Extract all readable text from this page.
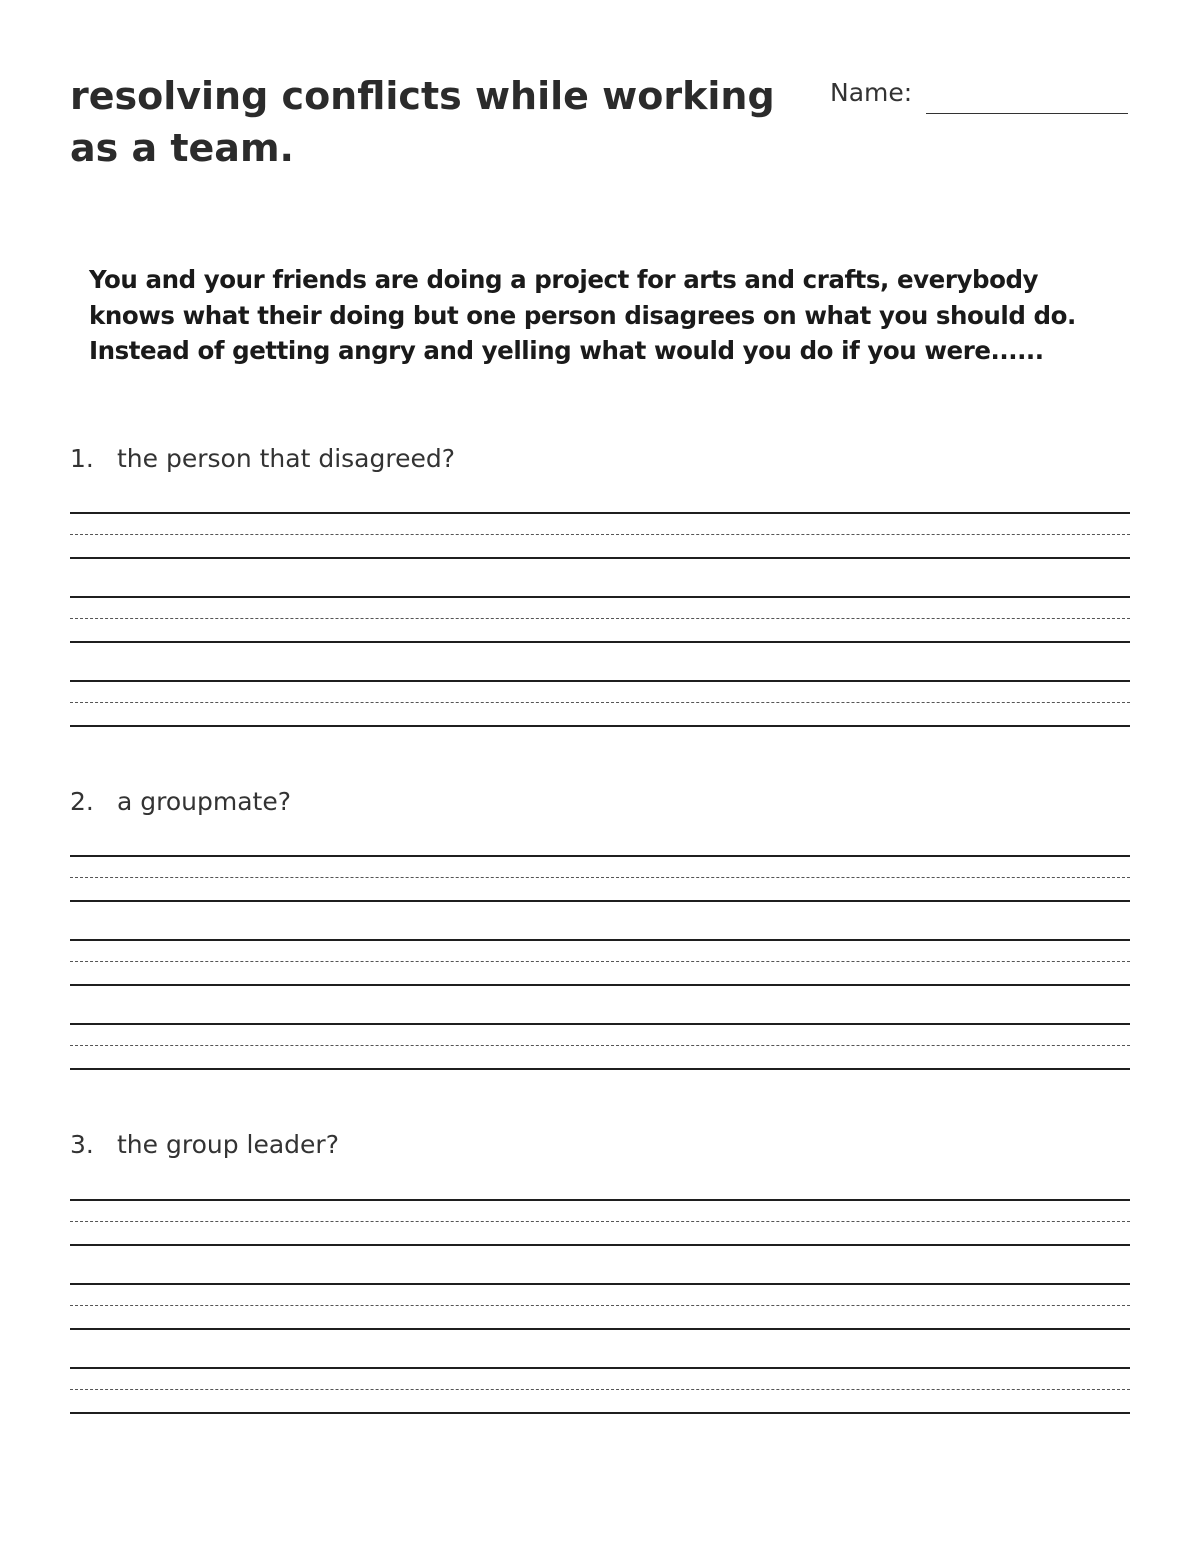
resolving conflicts while working as a team.
Name:

You and your friends are doing a project for arts and crafts, everybody knows what their doing but one person disagrees on what you should do. Instead of getting angry and yelling what would you do if you were......

1. the person that disagreed?
2. a groupmate?
3. the group leader?
